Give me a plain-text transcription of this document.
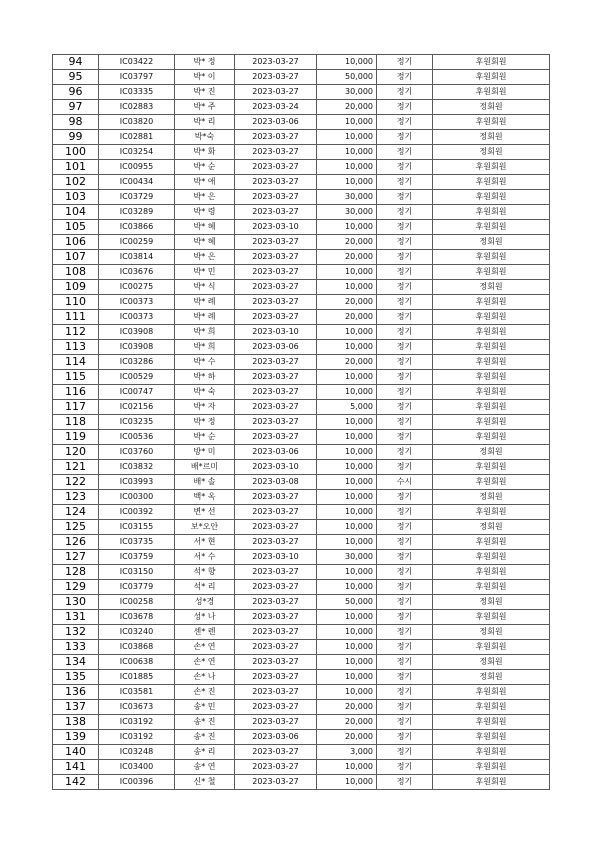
94	IC03422	박* 정	2023-03-27	10,000	정기	후원회원
95	IC03797	박* 이	2023-03-27	50,000	정기	후원회원
96	IC03335	박* 진	2023-03-27	30,000	정기	후원회원
97	IC02883	박* 주	2023-03-24	20,000	정기	정회원
98	IC03820	박* 리	2023-03-06	10,000	정기	후원회원
99	IC02881	박*숙	2023-03-27	10,000	정기	정회원
100	IC03254	박* 화	2023-03-27	10,000	정기	정회원
101	IC00955	박* 순	2023-03-27	10,000	정기	후원회원
102	IC00434	박* 애	2023-03-27	10,000	정기	후원회원
103	IC03729	박* 은	2023-03-27	30,000	정기	후원회원
104	IC03289	박* 령	2023-03-27	30,000	정기	후원회원
105	IC03866	박* 혜	2023-03-10	10,000	정기	후원회원
106	IC00259	박* 혜	2023-03-27	20,000	정기	정회원
107	IC03814	박* 은	2023-03-27	20,000	정기	후원회원
108	IC03676	박* 민	2023-03-27	10,000	정기	후원회원
109	IC00275	박* 식	2023-03-27	10,000	정기	정회원
110	IC00373	박* 례	2023-03-27	20,000	정기	후원회원
111	IC00373	박* 례	2023-03-27	20,000	정기	후원회원
112	IC03908	박* 희	2023-03-10	10,000	정기	후원회원
113	IC03908	박* 희	2023-03-06	10,000	정기	후원회원
114	IC03286	박* 수	2023-03-27	20,000	정기	후원회원
115	IC00529	박* 하	2023-03-27	10,000	정기	후원회원
116	IC00747	박* 숙	2023-03-27	10,000	정기	후원회원
117	IC02156	박* 자	2023-03-27	5,000	정기	후원회원
118	IC03235	박* 정	2023-03-27	10,000	정기	후원회원
119	IC00536	박* 순	2023-03-27	10,000	정기	후원회원
120	IC03760	방* 미	2023-03-06	10,000	정기	정회원
121	IC03832	배*르미	2023-03-10	10,000	정기	후원회원
122	IC03993	배* 솔	2023-03-08	10,000	수시	후원회원
123	IC00300	백* 옥	2023-03-27	10,000	정기	정회원
124	IC00392	변* 선	2023-03-27	10,000	정기	후원회원
125	IC03155	보*오안	2023-03-27	10,000	정기	정회원
126	IC03735	서* 현	2023-03-27	10,000	정기	후원회원
127	IC03759	서* 수	2023-03-10	30,000	정기	후원회원
128	IC03150	석* 향	2023-03-27	10,000	정기	후원회원
129	IC03779	석* 리	2023-03-27	10,000	정기	후원회원
130	IC00258	성*경	2023-03-27	50,000	정기	정회원
131	IC03678	성* 나	2023-03-27	10,000	정기	후원회원
132	IC03240	센* 렌	2023-03-27	10,000	정기	정회원
133	IC03868	손* 연	2023-03-27	10,000	정기	후원회원
134	IC00638	손* 연	2023-03-27	10,000	정기	정회원
135	IC01885	손* 나	2023-03-27	10,000	정기	정회원
136	IC03581	손* 진	2023-03-27	10,000	정기	후원회원
137	IC03673	송* 민	2023-03-27	20,000	정기	후원회원
138	IC03192	송* 진	2023-03-27	20,000	정기	후원회원
139	IC03192	송* 진	2023-03-06	20,000	정기	후원회원
140	IC03248	송* 리	2023-03-27	3,000	정기	후원회원
141	IC03400	송* 연	2023-03-27	10,000	정기	후원회원
142	IC00396	신* 철	2023-03-27	10,000	정기	후원회원
